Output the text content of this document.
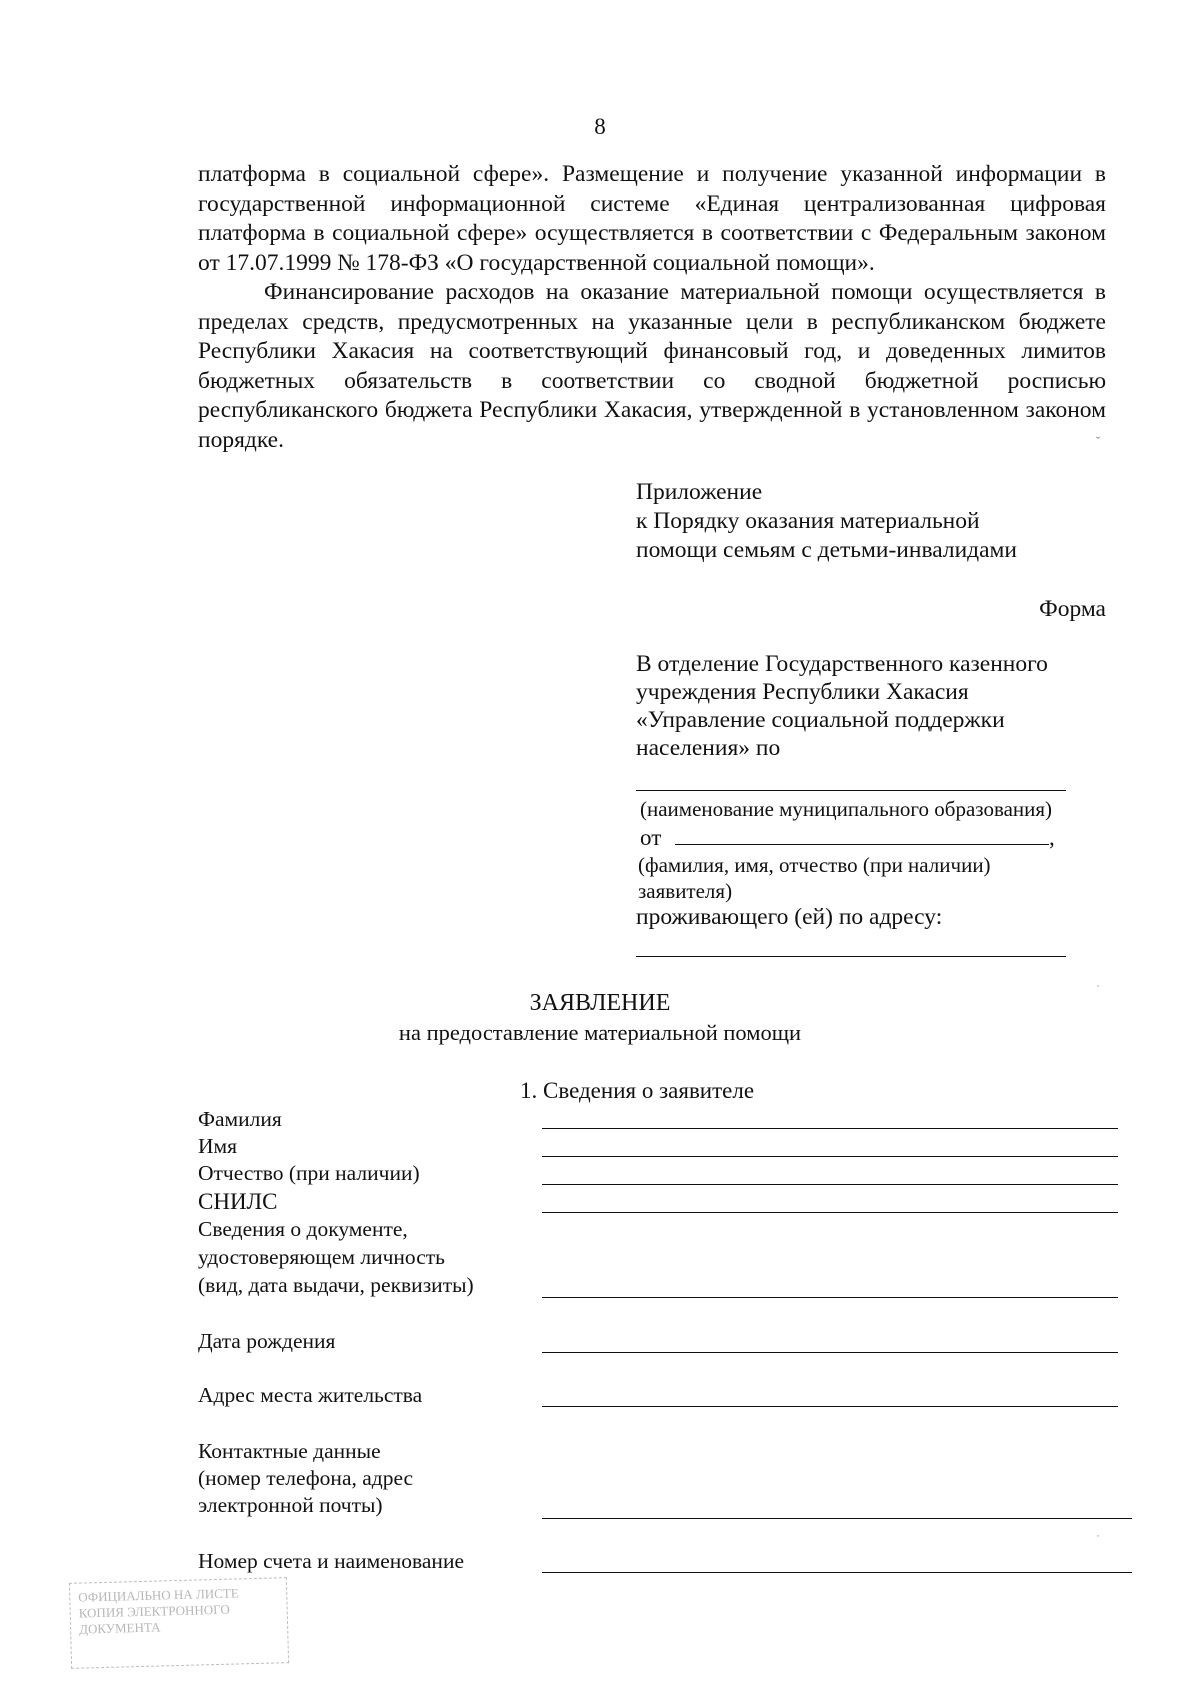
8

платформа в социальной сфере». Размещение и получение указанной информации в государственной информационной системе «Единая централизованная цифровая платформа в социальной сфере» осуществляется в соответствии с Федеральным законом от 17.07.1999 № 178-ФЗ «О государственной социальной помощи».

Финансирование расходов на оказание материальной помощи осуществляется в пределах средств, предусмотренных на указанные цели в республиканском бюджете Республики Хакасия на соответствующий финансовый год, и доведенных лимитов бюджетных обязательств в соответствии со сводной бюджетной росписью республиканского бюджета Республики Хакасия, утвержденной в установленном законом порядке.

Приложение
к Порядку оказания материальной
помощи семьям с детьми-инвалидами
Форма
В отделение Государственного казенного
учреждения Республики Хакасия
«Управление социальной поддержки
населения» по
(наименование муниципального образования)
от	,
(фамилия, имя, отчество (при наличии)
заявителя)
проживающего (ей) по адресу:
ЗАЯВЛЕНИЕ
на предоставление материальной помощи
1. Сведения о заявителе
Фамилия
Имя
Отчество (при наличии)
СНИЛС
Сведения о документе,
удостоверяющем личность
(вид, дата выдачи, реквизиты)
Дата рождения
Адрес места жительства
Контактные данные
(номер телефона, адрес
электронной почты)
Номер счета и наименование
ˇ
˙
˙
ОФИЦИАЛЬНО НА ЛИСТЕ
КОПИЯ ЭЛЕКТРОННОГО
ДОКУМЕНТА
